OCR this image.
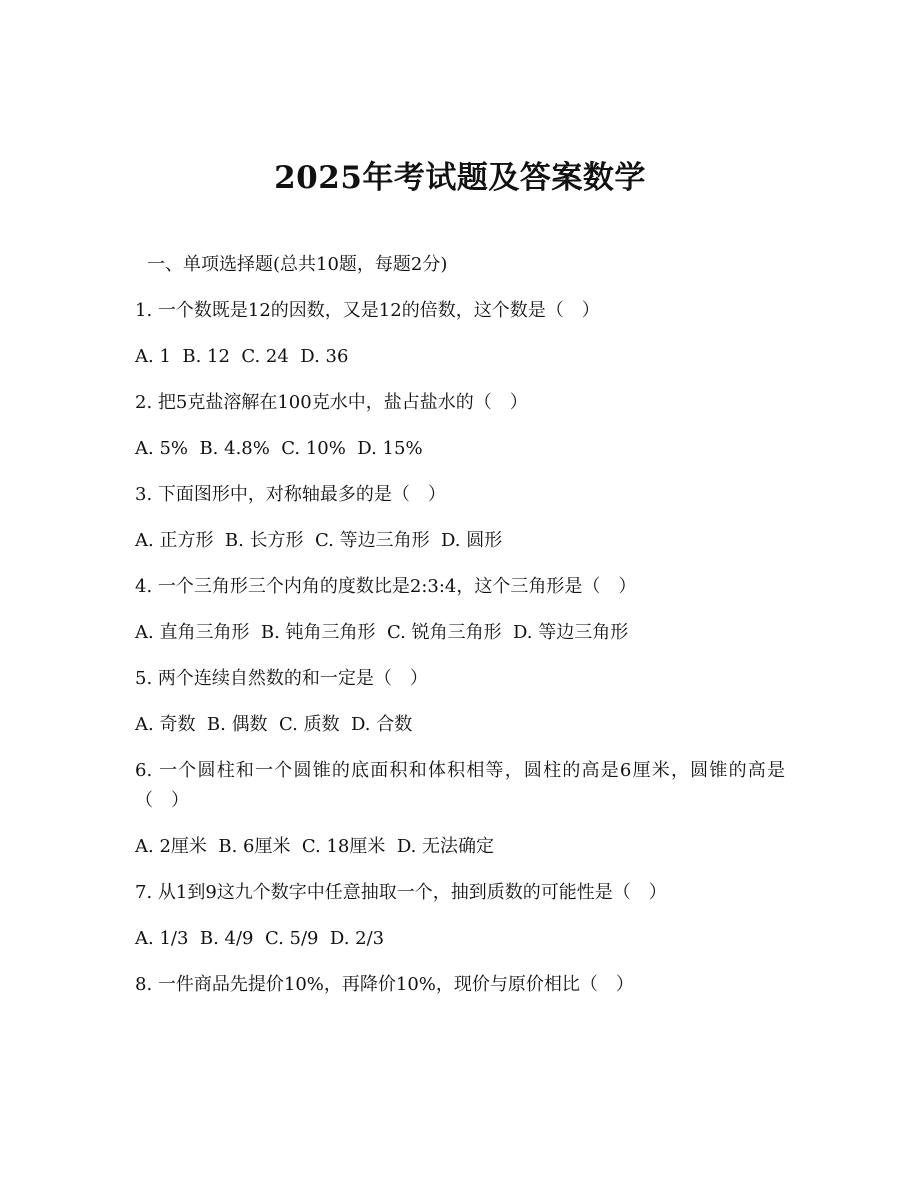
2025年考试题及答案数学
一、单项选择题(总共10题，每题2分)
1. 一个数既是12的因数，又是12的倍数，这个数是（　）
A. 1  B. 12  C. 24  D. 36
2. 把5克盐溶解在100克水中，盐占盐水的（　）
A. 5%  B. 4.8%  C. 10%  D. 15%
3. 下面图形中，对称轴最多的是（　）
A. 正方形  B. 长方形  C. 等边三角形  D. 圆形
4. 一个三角形三个内角的度数比是2:3:4，这个三角形是（　）
A. 直角三角形  B. 钝角三角形  C. 锐角三角形  D. 等边三角形
5. 两个连续自然数的和一定是（　）
A. 奇数  B. 偶数  C. 质数  D. 合数
6. 一个圆柱和一个圆锥的底面积和体积相等，圆柱的高是6厘米，圆锥的高是（　）
A. 2厘米  B. 6厘米  C. 18厘米  D. 无法确定
7. 从1到9这九个数字中任意抽取一个，抽到质数的可能性是（　）
A. 1/3  B. 4/9  C. 5/9  D. 2/3
8. 一件商品先提价10%，再降价10%，现价与原价相比（　）
